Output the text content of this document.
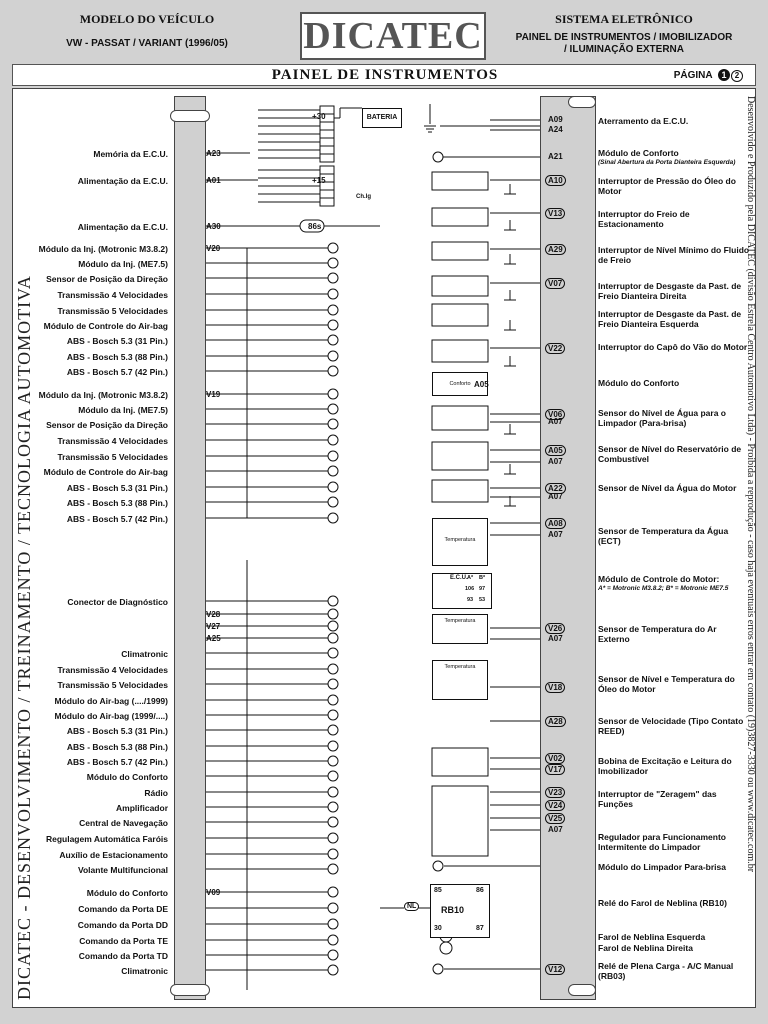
MODELO DO VEÍCULO
VW - PASSAT / VARIANT (1996/05)	DICATEC	SISTEMA ELETRÔNICO
PAINEL DE INSTRUMENTOS / IMOBILIZADOR
/ ILUMINAÇÃO EXTERNA
PAINEL DE INSTRUMENTOS	PÁGINA 1 2
DICATEC - DESENVOLVIMENTO / TREINAMENTO / TECNOLOGIA AUTOMOTIVA	Desenvolvido e Produzido pela DICATEC (divisão Estrela Centro Automotivo Ltda) - Proibida a reprodução - caso haja eventuais erros entrar em contato (19)3827-3330 ou www.dicatec.com.br
Memória da E.C.U.	A23
Alimentação da E.C.U.	A01
Alimentação da E.C.U.	A30
Módulo da Inj. (Motronic M3.8.2)	V20
Módulo da Inj. (ME7.5)
Sensor de Posição da Direção
Transmissão 4 Velocidades
Transmissão 5 Velocidades
Módulo de Controle do Air-bag
ABS - Bosch 5.3 (31 Pin.)
ABS - Bosch 5.3 (88 Pin.)
ABS - Bosch 5.7 (42 Pin.)
Módulo da Inj. (Motronic M3.8.2)	V19
Módulo da Inj. (ME7.5)
Sensor de Posição da Direção
Transmissão 4 Velocidades
Transmissão 5 Velocidades
Módulo de Controle do Air-bag
ABS - Bosch 5.3 (31 Pin.)
ABS - Bosch 5.3 (88 Pin.)
ABS - Bosch 5.7 (42 Pin.)
Conector de Diagnóstico
V28
V27
A25
Climatronic
Transmissão 4 Velocidades
Transmissão 5 Velocidades
Módulo do Air-bag (..../1999)
Módulo do Air-bag (1999/....)
ABS - Bosch 5.3 (31 Pin.)
ABS - Bosch 5.3 (88 Pin.)
ABS - Bosch 5.7 (42 Pin.)
Módulo do Conforto
Rádio
Amplificador
Central de Navegação
Regulagem Automática Faróis
Auxílio de Estacionamento
Volante Multifuncional
Módulo do Conforto	V09
Comando da Porta DE
Comando da Porta DD
Comando da Porta TE
Comando da Porta TD
Climatronic
Aterramento da E.C.U.
A09
A24
Módulo de Conforto
(Sinal Abertura da Porta Dianteira Esquerda)
A21
Interruptor de Pressão do Óleo do Motor
A10
Interruptor do Freio de Estacionamento
V13
Interruptor de Nível Mínimo do Fluido de Freio
A29
Interruptor de Desgaste da Past. de Freio Dianteira Direita
V07
Interruptor de Desgaste da Past. de Freio Dianteira Esquerda
Interruptor do Capô do Vão do Motor
V22
Módulo do Conforto
Sensor do Nível de Água para o Limpador (Para-brisa)
V06
A07
Sensor de Nível do Reservatório de Combustível
A05
A07
Sensor de Nível da Água do Motor
A22
A07
Sensor de Temperatura da Água (ECT)
A08
A07
Módulo de Controle do Motor:
A* = Motronic M3.8.2; B* = Motronic ME7.5
Sensor de Temperatura do Ar Externo
V26
A07
Sensor de Nível e Temperatura do Óleo do Motor
V18
Sensor de Velocidade (Tipo Contato REED)
A28
Bobina de Excitação e Leitura do Imobilizador
V02
V17
Interruptor de "Zeragem" das Funções
V23
V24
V25
Regulador para Funcionamento Intermitente do Limpador
A07
Módulo do Limpador Para-brisa
Relé do Farol de Neblina (RB10)
Farol de Neblina Esquerda
Farol de Neblina Direita
Relé de Plena Carga - A/C Manual (RB03)
V12
BATERIA
+30
+15
86s
Ch.Ig
Conforto A05
Temperatura
Temperatura
Temperatura
E.C.U. A* B*
106 97
93 53
85	86
RB10
30	87
NL
